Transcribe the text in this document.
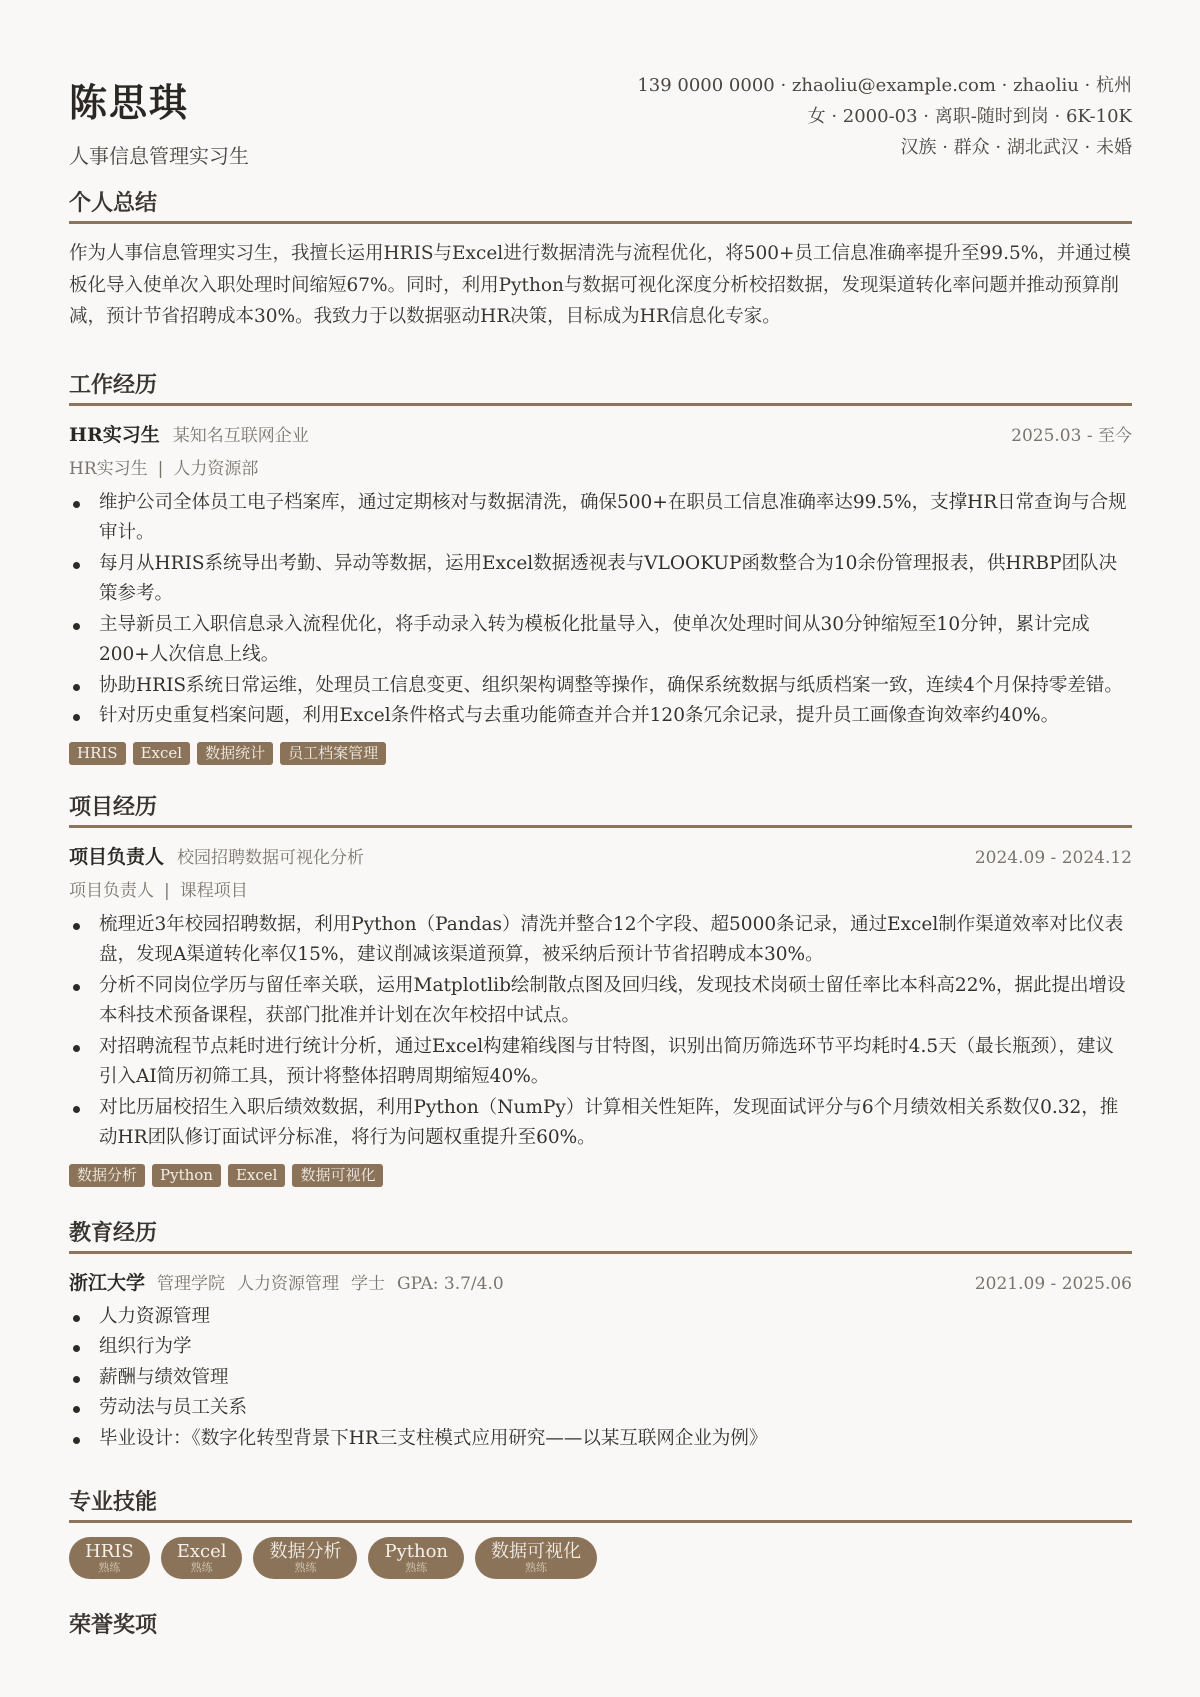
陈思琪
人事信息管理实习生
139 0000 0000 · zhaoliu@example.com · zhaoliu · 杭州
女 · 2000-03 · 离职-随时到岗 · 6K-10K
汉族 · 群众 · 湖北武汉 · 未婚
个人总结

作为人事信息管理实习生，我擅长运用HRIS与Excel进行数据清洗与流程优化，将500+员工信息准确率提升至99.5%，并通过模板化导入使单次入职处理时间缩短67%。同时，利用Python与数据可视化深度分析校招数据，发现渠道转化率问题并推动预算削减，预计节省招聘成本30%。我致力于以数据驱动HR决策，目标成为HR信息化专家。

工作经历
HR实习生 某知名互联网企业	2025.03 - 至今
HR实习生 | 人力资源部
维护公司全体员工电子档案库，通过定期核对与数据清洗，确保500+在职员工信息准确率达99.5%，支撑HR日常查询与合规审计。
每月从HRIS系统导出考勤、异动等数据，运用Excel数据透视表与VLOOKUP函数整合为10余份管理报表，供HRBP团队决策参考。
主导新员工入职信息录入流程优化，将手动录入转为模板化批量导入，使单次处理时间从30分钟缩短至10分钟，累计完成200+人次信息上线。
协助HRIS系统日常运维，处理员工信息变更、组织架构调整等操作，确保系统数据与纸质档案一致，连续4个月保持零差错。
针对历史重复档案问题，利用Excel条件格式与去重功能筛查并合并120条冗余记录，提升员工画像查询效率约40%。
HRIS	Excel	数据统计	员工档案管理
项目经历
项目负责人 校园招聘数据可视化分析	2024.09 - 2024.12
项目负责人 | 课程项目
梳理近3年校园招聘数据，利用Python（Pandas）清洗并整合12个字段、超5000条记录，通过Excel制作渠道效率对比仪表盘，发现A渠道转化率仅15%，建议削减该渠道预算，被采纳后预计节省招聘成本30%。
分析不同岗位学历与留任率关联，运用Matplotlib绘制散点图及回归线，发现技术岗硕士留任率比本科高22%，据此提出增设本科技术预备课程，获部门批准并计划在次年校招中试点。
对招聘流程节点耗时进行统计分析，通过Excel构建箱线图与甘特图，识别出简历筛选环节平均耗时4.5天（最长瓶颈），建议引入AI简历初筛工具，预计将整体招聘周期缩短40%。
对比历届校招生入职后绩效数据，利用Python（NumPy）计算相关性矩阵，发现面试评分与6个月绩效相关系数仅0.32，推动HR团队修订面试评分标准，将行为问题权重提升至60%。
数据分析	Python	Excel	数据可视化
教育经历
浙江大学 管理学院 人力资源管理 学士 GPA: 3.7/4.0	2021.09 - 2025.06
人力资源管理
组织行为学
薪酬与绩效管理
劳动法与员工关系
毕业设计：《数字化转型背景下HR三支柱模式应用研究——以某互联网企业为例》
专业技能
HRIS
熟练
Excel
熟练
数据分析
熟练
Python
熟练
数据可视化
熟练
荣誉奖项
